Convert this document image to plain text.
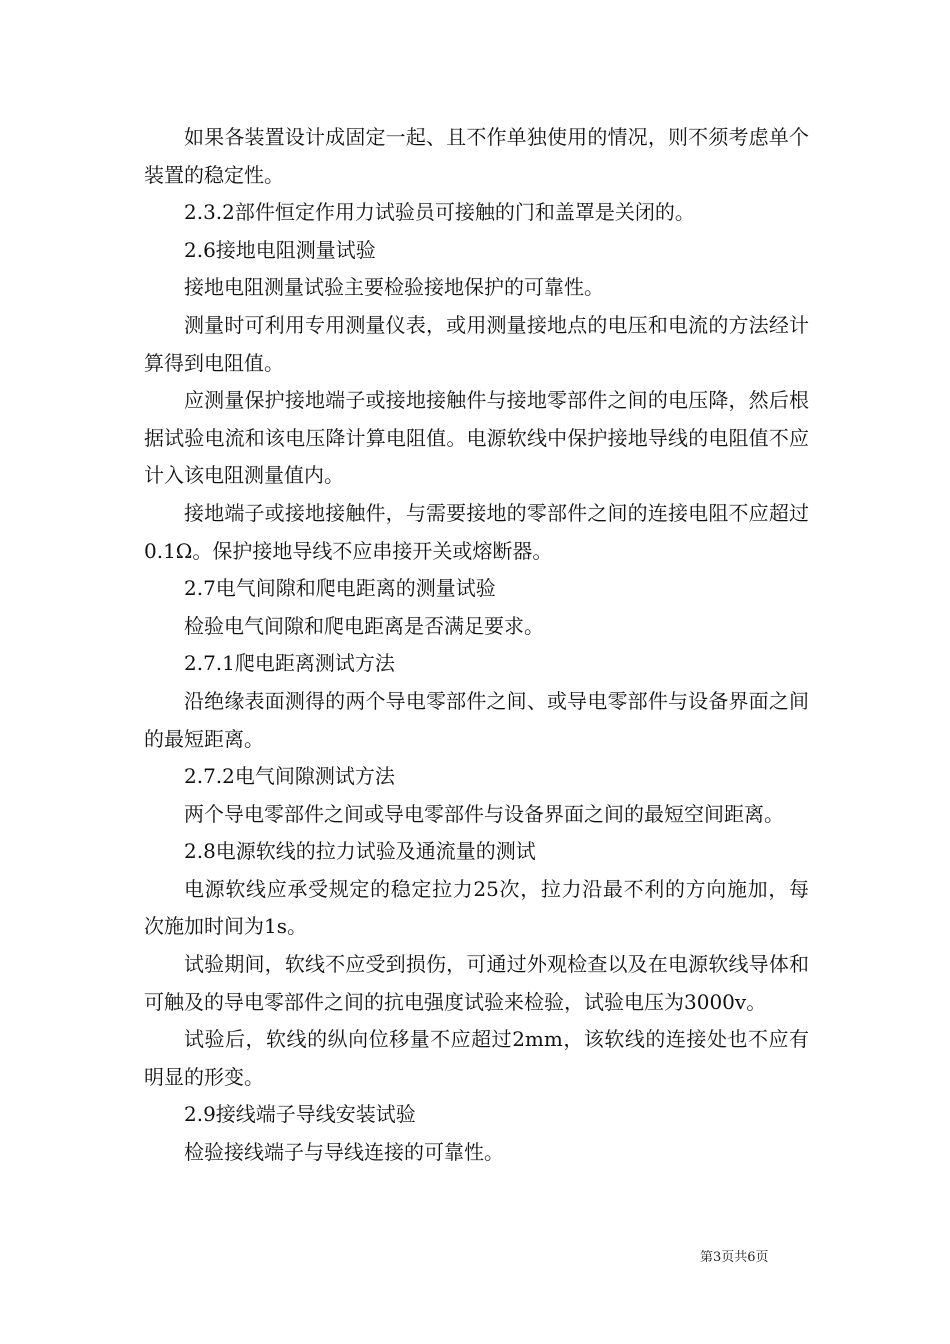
如果各装置设计成固定一起、且不作单独使用的情况，则不须考虑单个装置的稳定性。

2.3.2部件恒定作用力试验员可接触的门和盖罩是关闭的。

2.6接地电阻测量试验

接地电阻测量试验主要检验接地保护的可靠性。

测量时可利用专用测量仪表，或用测量接地点的电压和电流的方法经计算得到电阻值。

应测量保护接地端子或接地接触件与接地零部件之间的电压降，然后根据试验电流和该电压降计算电阻值。电源软线中保护接地导线的电阻值不应计入该电阻测量值内。

接地端子或接地接触件，与需要接地的零部件之间的连接电阻不应超过0.1Ω。保护接地导线不应串接开关或熔断器。

2.7电气间隙和爬电距离的测量试验

检验电气间隙和爬电距离是否满足要求。

2.7.1爬电距离测试方法

沿绝缘表面测得的两个导电零部件之间、或导电零部件与设备界面之间的最短距离。

2.7.2电气间隙测试方法

两个导电零部件之间或导电零部件与设备界面之间的最短空间距离。

2.8电源软线的拉力试验及通流量的测试

电源软线应承受规定的稳定拉力25次，拉力沿最不利的方向施加，每次施加时间为1s。

试验期间，软线不应受到损伤，可通过外观检查以及在电源软线导体和可触及的导电零部件之间的抗电强度试验来检验，试验电压为3000v。

试验后，软线的纵向位移量不应超过2mm，该软线的连接处也不应有明显的形变。

2.9接线端子导线安装试验

检验接线端子与导线连接的可靠性。

第3页共6页
